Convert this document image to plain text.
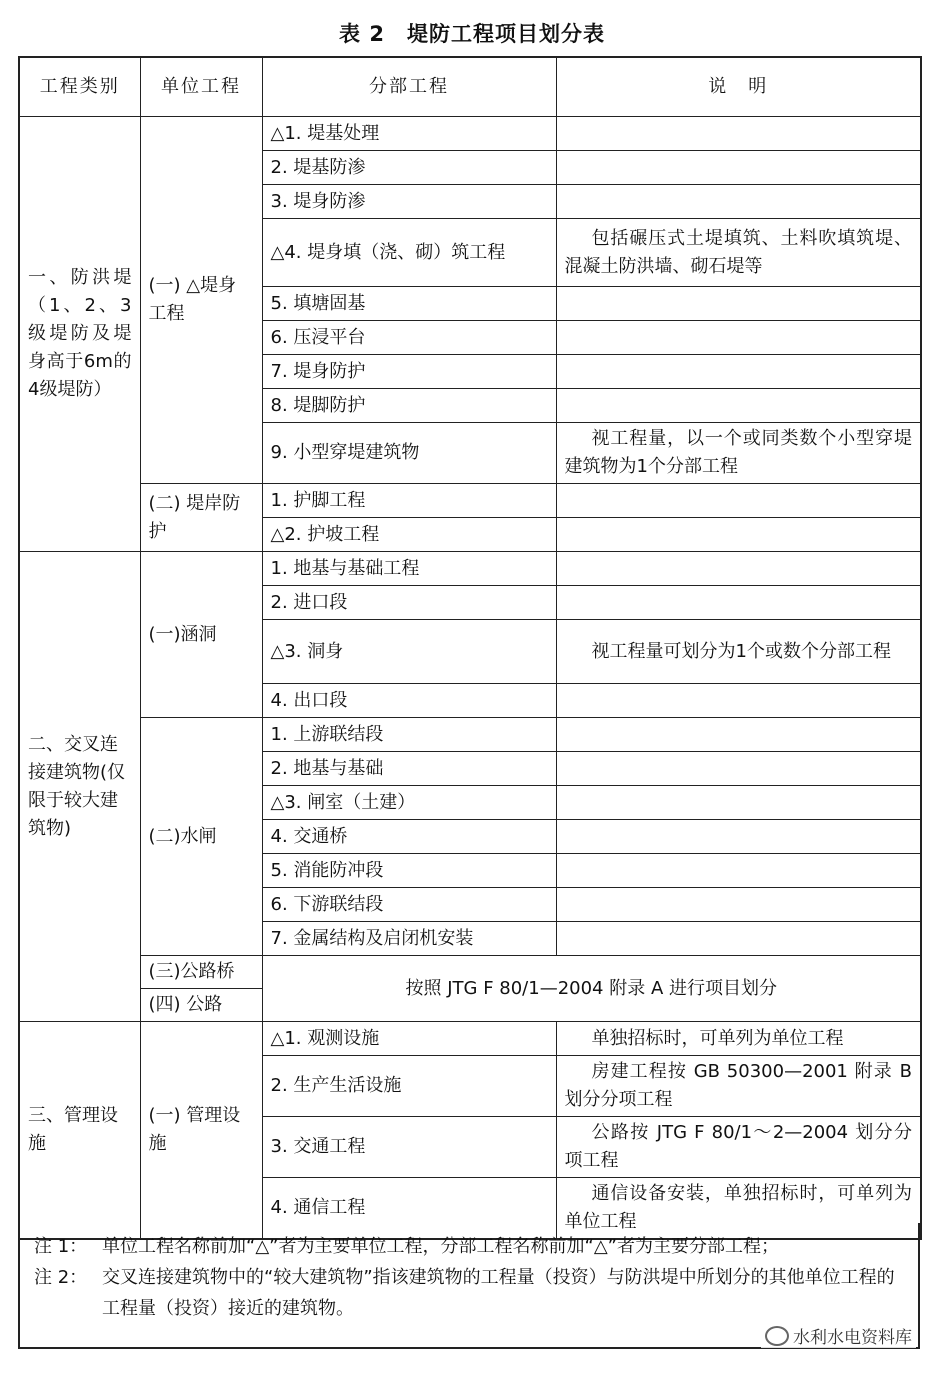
表 2　堤防工程项目划分表
工程类别	单位工程	分部工程	说　明
一、防洪堤（1、2、3级堤防及堤身高于6m的4级堤防）	(一) △堤身工程	△1. 堤基处理	
		2. 堤基防渗	
		3. 堤身防渗	
		△4. 堤身填（浇、砌）筑工程	包括碾压式土堤填筑、土料吹填筑堤、混凝土防洪墙、砌石堤等
		5. 填塘固基	
		6. 压浸平台	
		7. 堤身防护	
		8. 堤脚防护	
		9. 小型穿堤建筑物	视工程量，以一个或同类数个小型穿堤建筑物为1个分部工程
	(二) 堤岸防护	1. 护脚工程	
		△2. 护坡工程	
二、交叉连接建筑物(仅限于较大建筑物)	(一)涵洞	1. 地基与基础工程	
		2. 进口段	
		△3. 洞身	视工程量可划分为1个或数个分部工程
		4. 出口段	
	(二)水闸	1. 上游联结段	
		2. 地基与基础	
		△3. 闸室（土建）	
		4. 交通桥	
		5. 消能防冲段	
		6. 下游联结段	
		7. 金属结构及启闭机安装	
	(三)公路桥	按照 JTG F 80/1—2004 附录 A 进行项目划分	
	(四) 公路		
三、管理设施	(一) 管理设施	△1. 观测设施	单独招标时，可单列为单位工程
		2. 生产生活设施	房建工程按 GB 50300—2001 附录 B 划分分项工程
		3. 交通工程	公路按 JTG F 80/1～2—2004 划分分项工程
		4. 通信工程	通信设备安装，单独招标时，可单列为单位工程
注 1： 单位工程名称前加“△”者为主要单位工程，分部工程名称前加“△”者为主要分部工程；
注 2： 交叉连接建筑物中的“较大建筑物”指该建筑物的工程量（投资）与防洪堤中所划分的其他单位工程的工程量（投资）接近的建筑物。
水利水电资料库
